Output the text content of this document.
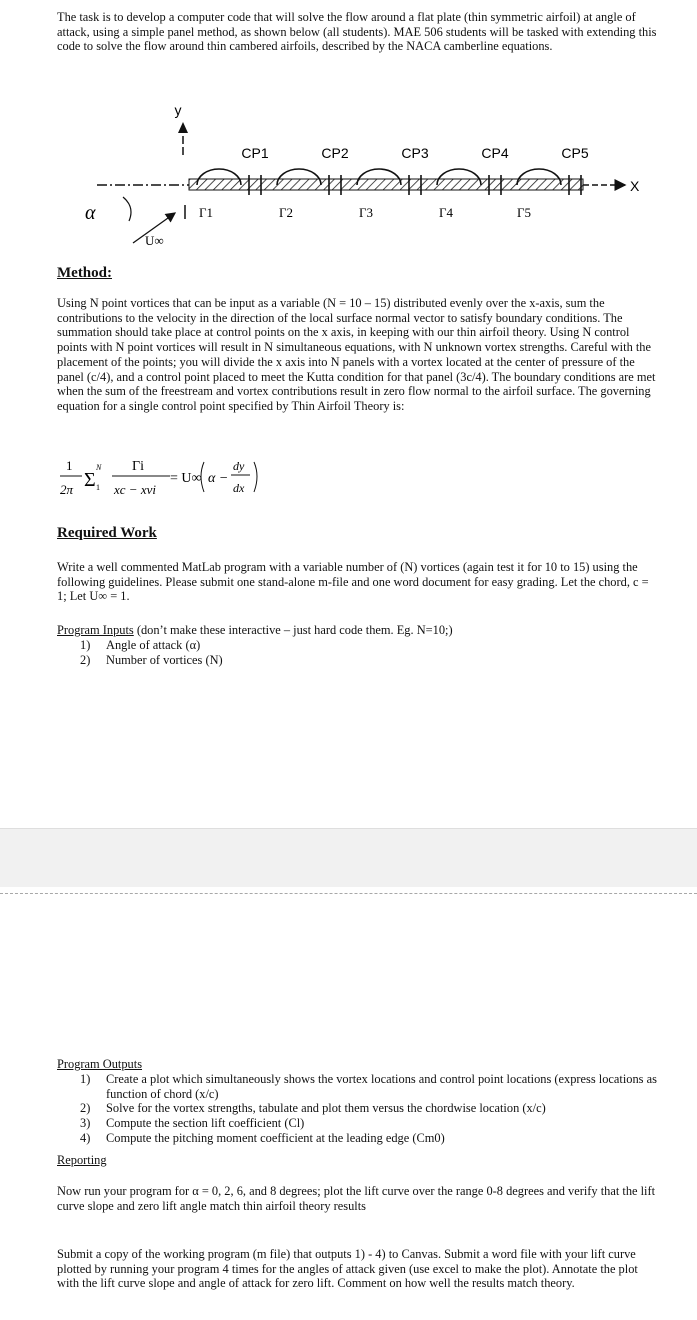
The task is to develop a computer code that will solve the flow around a flat plate (thin symmetric airfoil) at angle of attack, using a simple panel method, as shown below (all students). MAE 506 students will be tasked with extending this code to solve the flow around thin cambered airfoils, described by the NACA camberline equations.
y
X
CP1	CP2	CP3	CP4	CP5
Γ1	Γ2	Γ3	Γ4	Γ5
α
U∞
Method:
Using N point vortices that can be input as a variable (N = 10 – 15) distributed evenly over the x-axis, sum the contributions to the velocity in the direction of the local surface normal vector to satisfy boundary conditions. The summation should take place at control points on the x axis, in keeping with our thin airfoil theory. Using N control points with N point vortices will result in N simultaneous equations, with N unknown vortex strengths. Careful with the placement of the points; you will divide the x axis into N panels with a vortex located at the center of pressure of the panel (c/4), and a control point placed to meet the Kutta condition for that panel (3c/4). The boundary conditions are met when the sum of the freestream and vortex contributions result in zero flow normal to the airfoil surface. The governing equation for a single control point specified by Thin Airfoil Theory is:
1
2π
N
Σ 1
Γi
xc − xvi
= U∞ α −
dy
dx
Required Work
Write a well commented MatLab program with a variable number of (N) vortices (again test it for 10 to 15) using the following guidelines. Please submit one stand-alone m-file and one word document for easy grading. Let the chord, c = 1; Let U∞ = 1.
Program Inputs (don’t make these interactive – just hard code them. Eg. N=10;)
1)	Angle of attack (α)
2)	Number of vortices (N)
Program Outputs
1)	Create a plot which simultaneously shows the vortex locations and control point locations (express locations as function of chord (x/c)
2)	Solve for the vortex strengths, tabulate and plot them versus the chordwise location (x/c)
3)	Compute the section lift coefficient (Cl)
4)	Compute the pitching moment coefficient at the leading edge (Cm0)
Reporting
Now run your program for α = 0, 2, 6, and 8 degrees; plot the lift curve over the range 0-8 degrees and verify that the lift curve slope and zero lift angle match thin airfoil theory results
Submit a copy of the working program (m file) that outputs 1) - 4) to Canvas. Submit a word file with your lift curve plotted by running your program 4 times for the angles of attack given (use excel to make the plot). Annotate the plot with the lift curve slope and angle of attack for zero lift. Comment on how well the results match theory.
